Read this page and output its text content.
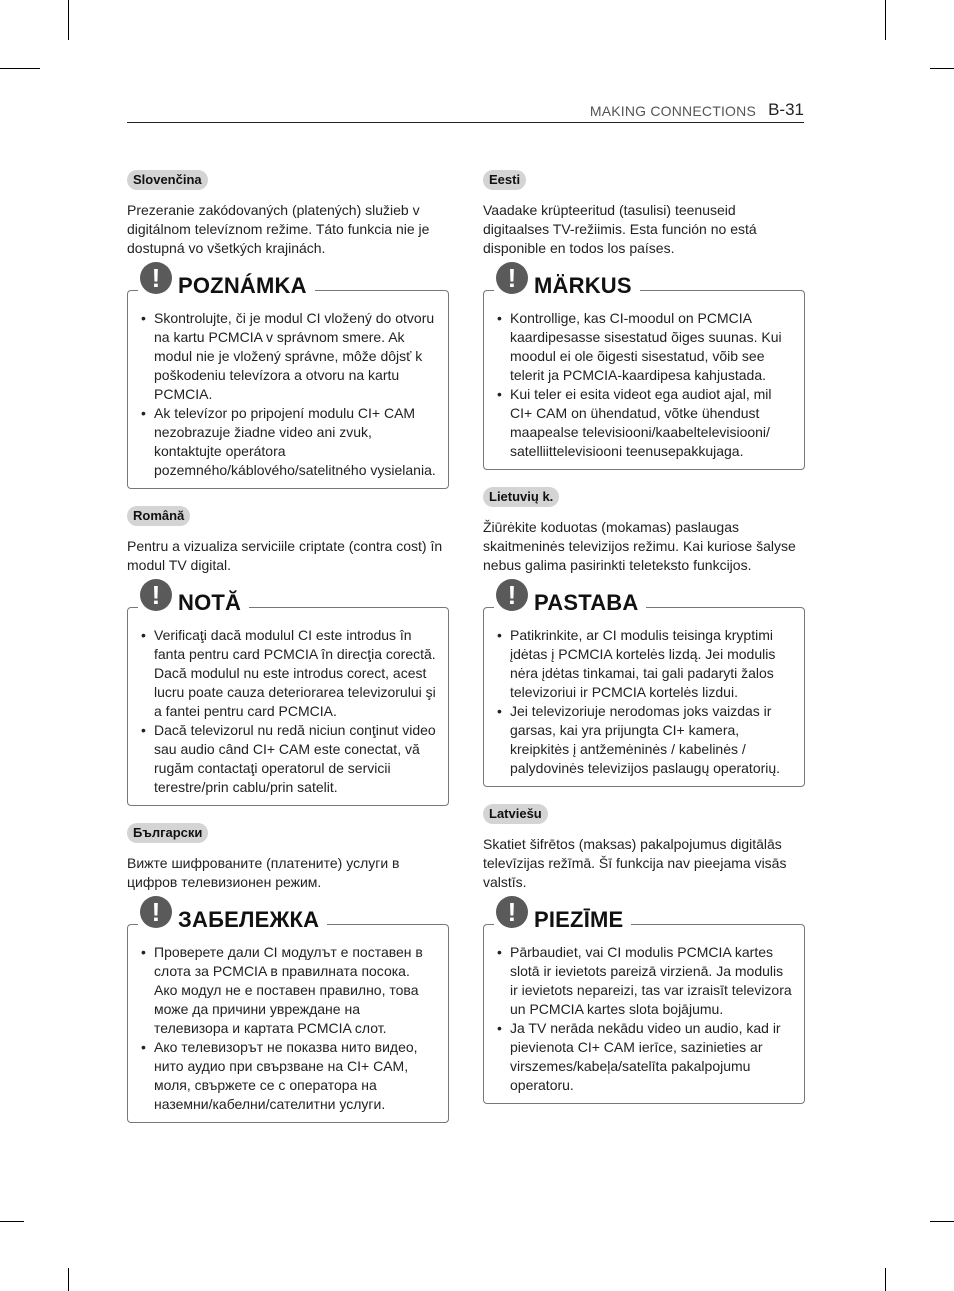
MAKING CONNECTIONS B-31
Slovenčina

Prezeranie zakódovaných (platených) služieb v digitálnom televíznom režime. Táto funkcia nie je dostupná vo všetkých krajinách.

! POZNÁMKA
• Skontrolujte, či je modul CI vložený do otvoru na kartu PCMCIA v správnom smere. Ak modul nie je vložený správne, môže dôjsť k poškodeniu televízora a otvoru na kartu PCMCIA.
• Ak televízor po pripojení modulu CI+ CAM nezobrazuje žiadne video ani zvuk, kontaktujte operátora pozemného/káblového/satelitného vysielania.
Română

Pentru a vizualiza serviciile criptate (contra cost) în modul TV digital.

! NOTĂ
• Verificaţi dacă modulul CI este introdus în fanta pentru card PCMCIA în direcţia corectă. Dacă modulul nu este introdus corect, acest lucru poate cauza deteriorarea televizorului şi a fantei pentru card PCMCIA.
• Dacă televizorul nu redă niciun conţinut video sau audio când CI+ CAM este conectat, vă rugăm contactaţi operatorul de servicii terestre/prin cablu/prin satelit.
Български

Вижте шифрованите (платените) услуги в цифров телевизионен режим.

! ЗАБЕЛЕЖКА
• Проверете дали CI модулът е поставен в слота за PCMCIA в правилната посока. Ако модул не е поставен правилно, това може да причини увреждане на телевизора и картата PCMCIA слот.
• Ако телевизорът не показва нито видео, нито аудио при свързване на CI+ CAM, моля, свържете се с оператора на наземни/кабелни/сателитни услуги.
Eesti

Vaadake krüpteeritud (tasulisi) teenuseid digitaalses TV-režiimis. Esta función no está disponible en todos los países.

! MÄRKUS
• Kontrollige, kas CI-moodul on PCMCIA kaardipesasse sisestatud õiges suunas. Kui moodul ei ole õigesti sisestatud, võib see telerit ja PCMCIA-kaardipesa kahjustada.
• Kui teler ei esita videot ega audiot ajal, mil CI+ CAM on ühendatud, võtke ühendust maapealse televisiooni/kaabeltelevisiooni/ satelliittelevisiooni teenusepakkujaga.
Lietuvių k.

Žiūrėkite koduotas (mokamas) paslaugas skaitmeninės televizijos režimu. Kai kuriose šalyse nebus galima pasirinkti teleteksto funkcijos.

! PASTABA
• Patikrinkite, ar CI modulis teisinga kryptimi įdėtas į PCMCIA kortelės lizdą. Jei modulis nėra įdėtas tinkamai, tai gali padaryti žalos televizoriui ir PCMCIA kortelės lizdui.
• Jei televizoriuje nerodomas joks vaizdas ir garsas, kai yra prijungta CI+ kamera, kreipkitės į antžemėninės / kabelinės / palydovinės televizijos paslaugų operatorių.
Latviešu

Skatiet šifrētos (maksas) pakalpojumus digitālās televīzijas režīmā. Šī funkcija nav pieejama visās valstīs.

! PIEZĪME
• Pārbaudiet, vai CI modulis PCMCIA kartes slotā ir ievietots pareizā virzienā. Ja modulis ir ievietots nepareizi, tas var izraisīt televizora un PCMCIA kartes slota bojājumu.
• Ja TV nerāda nekādu video un audio, kad ir pievienota CI+ CAM ierīce, sazinieties ar virszemes/kabeļa/satelīta pakalpojumu operatoru.
